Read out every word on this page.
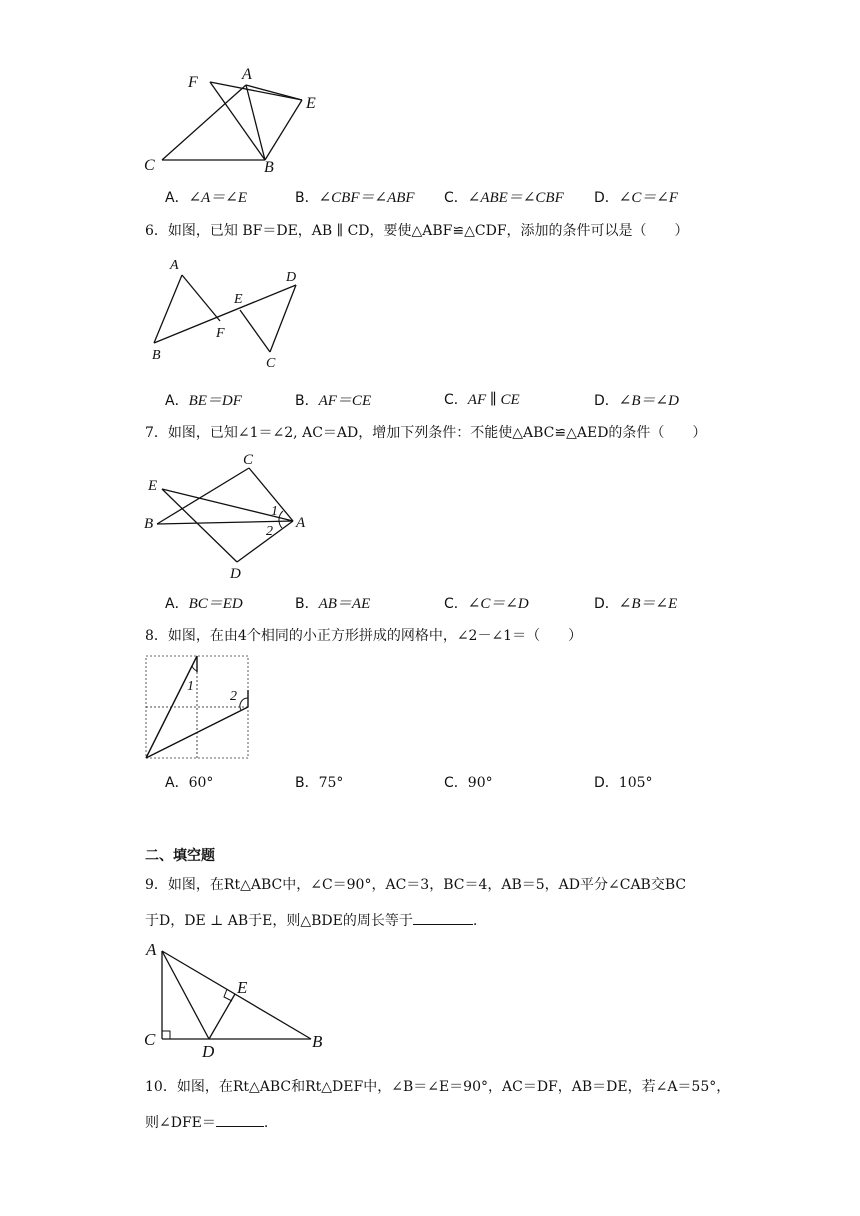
F	A
E
C	B
A．∠A＝∠E	B．∠CBF＝∠ABF C．∠ABE＝∠CBF D．∠C＝∠F
6．如图，已知 BF＝DE，AB ∥ CD，要使△ABF≌△CDF，添加的条件可以是（　　）
A
D
E
F
B
C
A．BE＝DF	B．AF＝CE	C．AF ∥ CE	D．∠B＝∠D
7．如图，已知∠1＝∠2, AC＝AD，增加下列条件：不能使△ABC≌△AED的条件（　　）
C
E
B	A
D
1
2
A．BC＝ED	B．AB＝AE	C．∠C＝∠D	D．∠B＝∠E
8．如图，在由4个相同的小正方形拼成的网格中，∠2－∠1＝（　　）
1
2
A．60°	B．75°	C．90°	D．105°
二、填空题
9．如图，在Rt△ABC中，∠C＝90°，AC＝3，BC＝4，AB＝5，AD平分∠CAB交BC
于D，DE ⊥ AB于E，则△BDE的周长等于	.
A
E
C
D
B
10．如图，在Rt△ABC和Rt△DEF中，∠B＝∠E＝90°，AC＝DF，AB＝DE，若∠A＝55°，
则∠DFE＝	.
